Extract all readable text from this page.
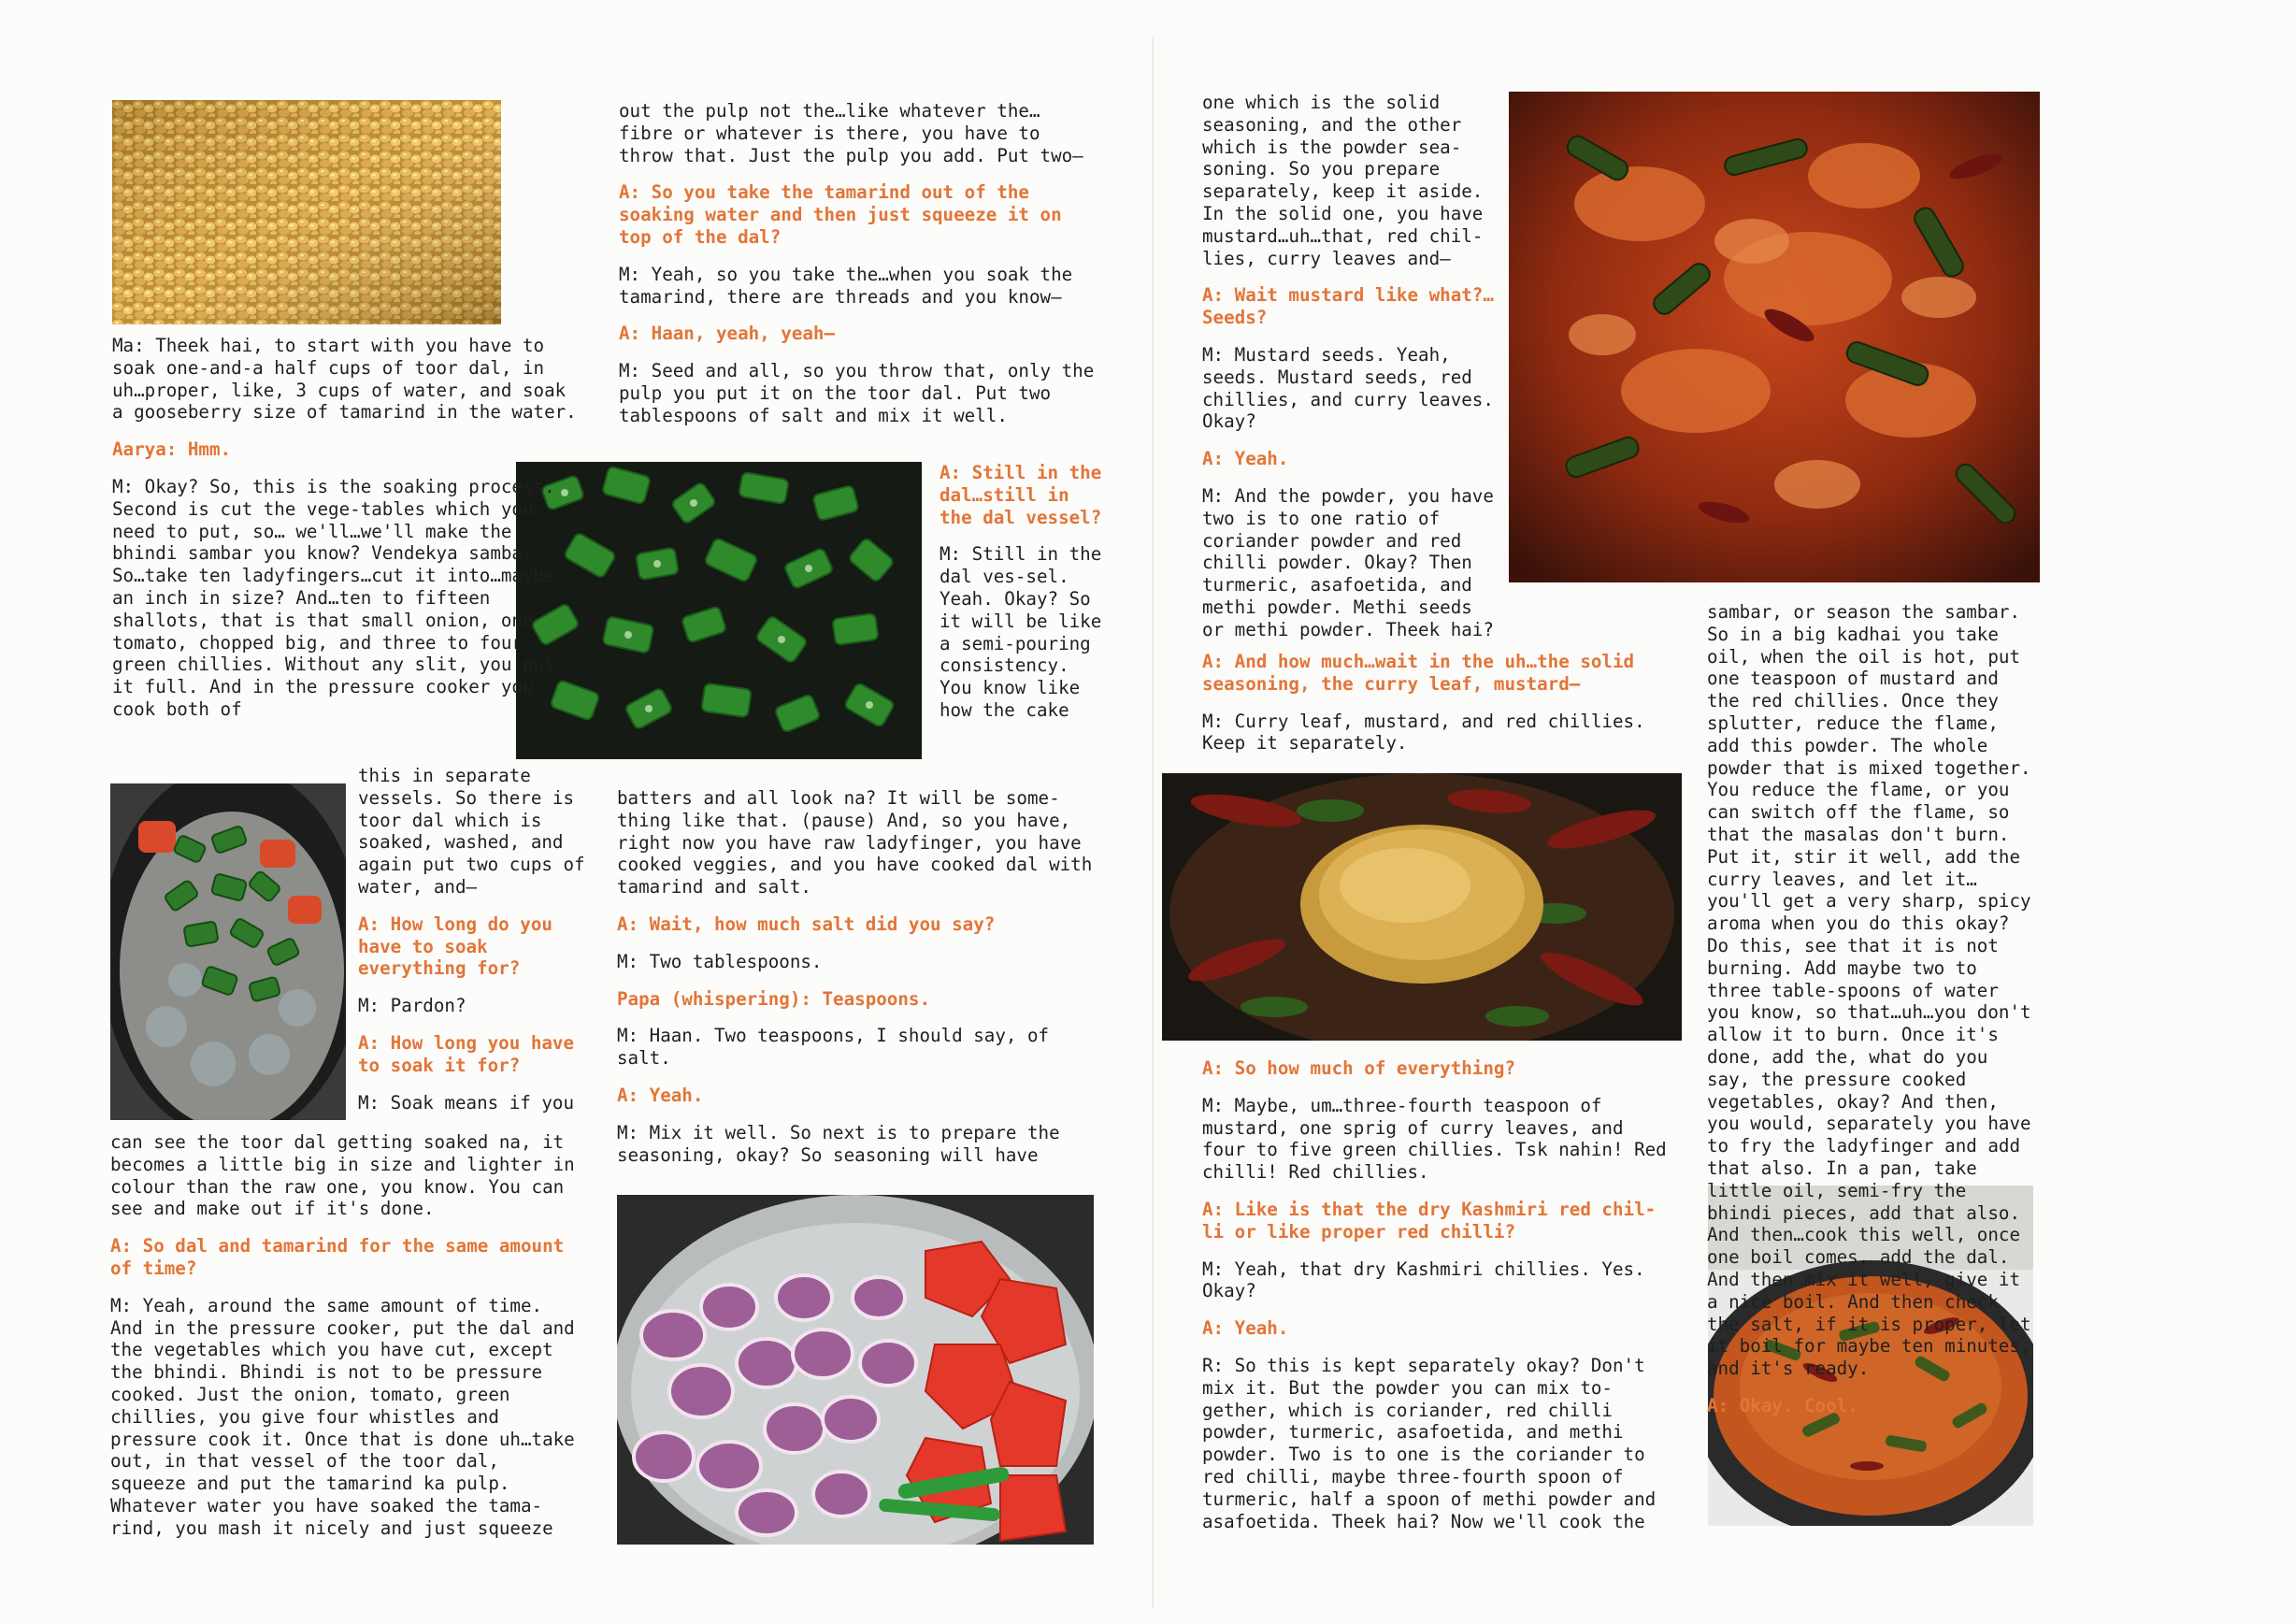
Ma: Theek hai, to start with you have to soak one-and-a half cups of toor dal, in uh…proper, like, 3 cups of water, and soak a gooseberry size of tamarind in the water.

Aarya: Hmm.

M: Okay? So, this is the soaking process. Second is cut the vege-tables which you need to put, so… we'll…we'll make the bhindi sambar you know? Vendekya sambar. So…take ten ladyfingers…cut it into…maybe an inch in size? And…ten to fifteen shallots, that is that small onion, one tomato, chopped big, and three to four green chillies. Without any slit, you put it full. And in the pressure cooker you cook both of

this in separate vessels. So there is toor dal which is soaked, washed, and again put two cups of water, and—

A: How long do you have to soak everything for?

M: Pardon?

A: How long you have to soak it for?

M: Soak means if you

can see the toor dal getting soaked na, it becomes a little big in size and lighter in colour than the raw one, you know. You can see and make out if it's done.

A: So dal and tamarind for the same amount of time?

M: Yeah, around the same amount of time. And in the pressure cooker, put the dal and the vegetables which you have cut, except the bhindi. Bhindi is not to be pressure cooked. Just the onion, tomato, green chillies, you give four whistles and pressure cook it. Once that is done uh…take out, in that vessel of the toor dal, squeeze and put the tamarind ka pulp. Whatever water you have soaked the tama-rind, you mash it nicely and just squeeze

out the pulp not the…like whatever the… fibre or whatever is there, you have to throw that. Just the pulp you add. Put two—

A: So you take the tamarind out of the soaking water and then just squeeze it on top of the dal?

M: Yeah, so you take the…when you soak the tamarind, there are threads and you know—

A: Haan, yeah, yeah—

M: Seed and all, so you throw that, only the pulp you put it on the toor dal. Put two tablespoons of salt and mix it well.

A: Still in the dal…still in the dal vessel?

M: Still in the dal ves-sel. Yeah. Okay? So it will be like a semi-pouring consistency. You know like how the cake

batters and all look na? It will be some-thing like that. (pause) And, so you have, right now you have raw ladyfinger, you have cooked veggies, and you have cooked dal with tamarind and salt.

A: Wait, how much salt did you say?

M: Two tablespoons.

Papa (whispering): Teaspoons.

M: Haan. Two teaspoons, I should say, of salt.

A: Yeah.

M: Mix it well. So next is to prepare the seasoning, okay? So seasoning will have

one which is the solid seasoning, and the other which is the powder sea-soning. So you prepare separately, keep it aside. In the solid one, you have mustard…uh…that, red chil-lies, curry leaves and—

A: Wait mustard like what?…Seeds?

M: Mustard seeds. Yeah, seeds. Mustard seeds, red chillies, and curry leaves. Okay?

A: Yeah.

M: And the powder, you have two is to one ratio of coriander powder and red chilli powder. Okay? Then turmeric, asafoetida, and methi powder. Methi seeds or methi powder. Theek hai?

A: And how much…wait in the uh…the solid seasoning, the curry leaf, mustard—

M: Curry leaf, mustard, and red chillies. Keep it separately.

A: So how much of everything?

M: Maybe, um…three-fourth teaspoon of mustard, one sprig of curry leaves, and four to five green chillies. Tsk nahin! Red chilli! Red chillies.

A: Like is that the dry Kashmiri red chil-li or like proper red chilli?

M: Yeah, that dry Kashmiri chillies. Yes. Okay?

A: Yeah.

R: So this is kept separately okay? Don't mix it. But the powder you can mix to-gether, which is coriander, red chilli powder, turmeric, asafoetida, and methi powder. Two is to one is the coriander to red chilli, maybe three-fourth spoon of turmeric, half a spoon of methi powder and asafoetida. Theek hai? Now we'll cook the

sambar, or season the sambar. So in a big kadhai you take oil, when the oil is hot, put one teaspoon of mustard and the red chillies. Once they splutter, reduce the flame, add this powder. The whole powder that is mixed together. You reduce the flame, or you can switch off the flame, so that the masalas don't burn. Put it, stir it well, add the curry leaves, and let it… you'll get a very sharp, spicy aroma when you do this okay? Do this, see that it is not burning. Add maybe two to three table-spoons of water you know, so that…uh…you don't allow it to burn. Once it's done, add the, what do you say, the pressure cooked vegetables, okay? And then, you would, separately you have to fry the ladyfinger and add that also. In a pan, take little oil, semi-fry the bhindi pieces, add that also. And then…cook this well, once one boil comes, add the dal. And then mix it well, give it a nice boil. And then check the salt, if it is proper, let it boil for maybe ten minutes, and it's ready.

A: Okay. Cool.
